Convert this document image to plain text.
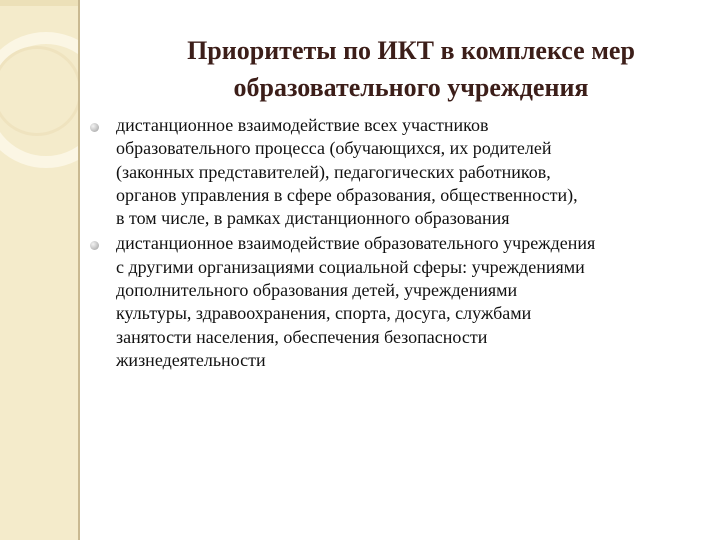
Приоритеты по ИКТ в комплексе мер
образовательного учреждения
дистанционное взаимодействие всех участников
образовательного процесса (обучающихся, их родителей
(законных представителей), педагогических работников,
органов управления в сфере образования, общественности),
в том числе, в рамках дистанционного образования
дистанционное взаимодействие образовательного учреждения
с другими организациями социальной сферы: учреждениями
дополнительного образования детей, учреждениями
культуры, здравоохранения, спорта, досуга, службами
занятости населения, обеспечения безопасности
жизнедеятельности
